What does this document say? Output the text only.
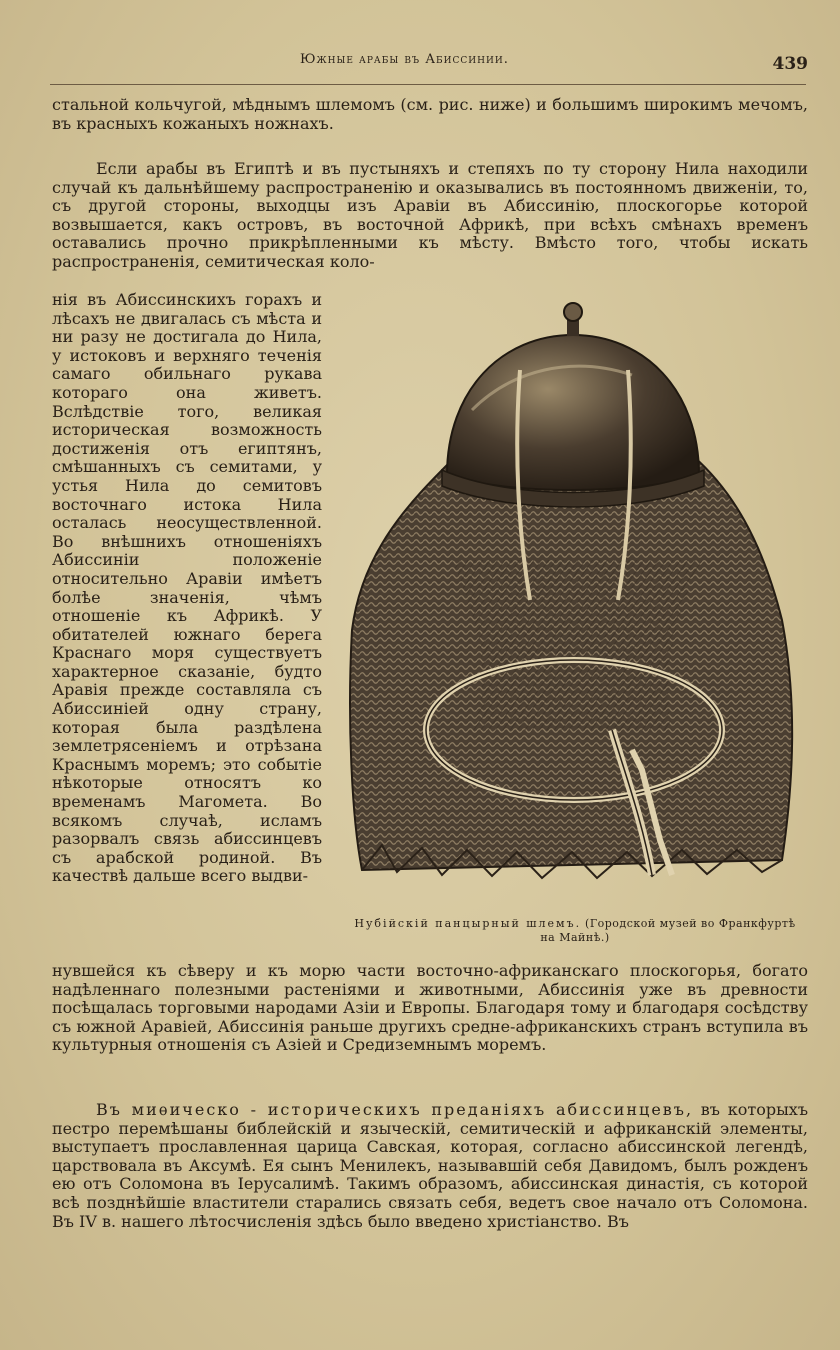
Южные арабы въ Абиссинии.	439

стальной кольчугой, мѣднымъ шлемомъ (см. рис. ниже) и большимъ широкимъ мечомъ, въ красныхъ кожаныхъ ножнахъ.

Если арабы въ Египтѣ и въ пустыняхъ и степяхъ по ту сторону Нила находили случай къ дальнѣйшему распространенію и оказывались въ постоянномъ движеніи, то, съ другой стороны, выходцы изъ Аравіи въ Абиссинію, плоскогорье которой возвышается, какъ островъ, въ восточной Африкѣ, при всѣхъ смѣнахъ временъ оставались прочно прикрѣпленными къ мѣсту. Вмѣсто того, чтобы искать распространенія, семитическая коло-

нія въ Абиссинскихъ горахъ и лѣсахъ не двигалась съ мѣста и ни разу не достигала до Нила, у истоковъ и верхняго теченія самаго обильнаго рукава котораго она живетъ. Вслѣдствіе того, великая историческая возможность достиженія отъ египтянъ, смѣшанныхъ съ семитами, у устья Нила до семитовъ восточнаго истока Нила осталась неосуществленной. Во внѣшнихъ отношеніяхъ Абиссиніи положеніе относительно Аравіи имѣетъ болѣе значенія, чѣмъ отношеніе къ Африкѣ. У обитателей южнаго берега Краснаго моря существуетъ характерное сказаніе, будто Аравія прежде составляла съ Абиссиніей одну страну, которая была раздѣлена землетрясеніемъ и отрѣзана Краснымъ моремъ; это событіе нѣкоторые относятъ ко временамъ Магомета. Во всякомъ случаѣ, исламъ разорвалъ связь абиссинцевъ съ арабской родиной. Въ качествѣ дальше всего выдви-

Нубійскій панцырный шлемъ. (Городской музей во Франкфуртѣ на Майнѣ.)

нувшейся къ сѣверу и къ морю части восточно-африканскаго плоскогорья, богато надѣленнаго полезными растеніями и животными, Абиссинія уже въ древности посѣщалась торговыми народами Азіи и Европы. Благодаря тому и благодаря сосѣдству съ южной Аравіей, Абиссинія раньше другихъ средне-африканскихъ странъ вступила въ культурныя отношенія съ Азіей и Средиземнымъ моремъ.

Въ миѳическо - историческихъ преданіяхъ абиссинцевъ, въ которыхъ пестро перемѣшаны библейскій и языческій, семитическій и африканскій элементы, выступаетъ прославленная царица Савская, которая, согласно абиссинской легендѣ, царствовала въ Аксумѣ. Ея сынъ Менилекъ, называвшій себя Давидомъ, былъ рожденъ ею отъ Соломона въ Іерусалимѣ. Такимъ образомъ, абиссинская династія, съ которой всѣ позднѣйшіе властители старались связать себя, ведетъ свое начало отъ Соломона. Въ IV в. нашего лѣтосчисленія здѣсь было введено христіанство. Въ
